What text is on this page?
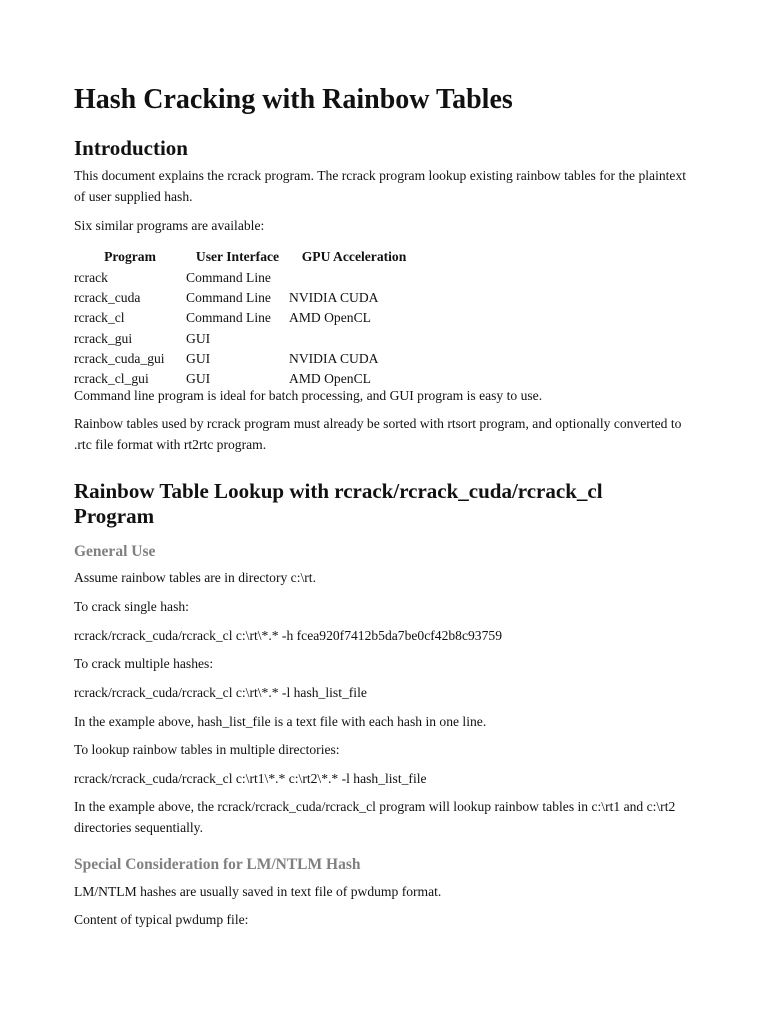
Hash Cracking with Rainbow Tables
Introduction

This document explains the rcrack program. The rcrack program lookup existing rainbow tables for the plaintext of user supplied hash.

Six similar programs are available:

Program	User Interface	GPU Acceleration
rcrack	Command Line	
rcrack_cuda	Command Line	NVIDIA CUDA
rcrack_cl	Command Line	AMD OpenCL
rcrack_gui	GUI	
rcrack_cuda_gui	GUI	NVIDIA CUDA
rcrack_cl_gui	GUI	AMD OpenCL

Command line program is ideal for batch processing, and GUI program is easy to use.

Rainbow tables used by rcrack program must already be sorted with rtsort program, and optionally converted to .rtc file format with rt2rtc program.

Rainbow Table Lookup with rcrack/rcrack_cuda/rcrack_cl Program
General Use

Assume rainbow tables are in directory c:\rt.

To crack single hash:

rcrack/rcrack_cuda/rcrack_cl c:\rt\*.* -h fcea920f7412b5da7be0cf42b8c93759

To crack multiple hashes:

rcrack/rcrack_cuda/rcrack_cl c:\rt\*.* -l hash_list_file

In the example above, hash_list_file is a text file with each hash in one line.

To lookup rainbow tables in multiple directories:

rcrack/rcrack_cuda/rcrack_cl c:\rt1\*.* c:\rt2\*.* -l hash_list_file

In the example above, the rcrack/rcrack_cuda/rcrack_cl program will lookup rainbow tables in c:\rt1 and c:\rt2 directories sequentially.

Special Consideration for LM/NTLM Hash

LM/NTLM hashes are usually saved in text file of pwdump format.

Content of typical pwdump file:
